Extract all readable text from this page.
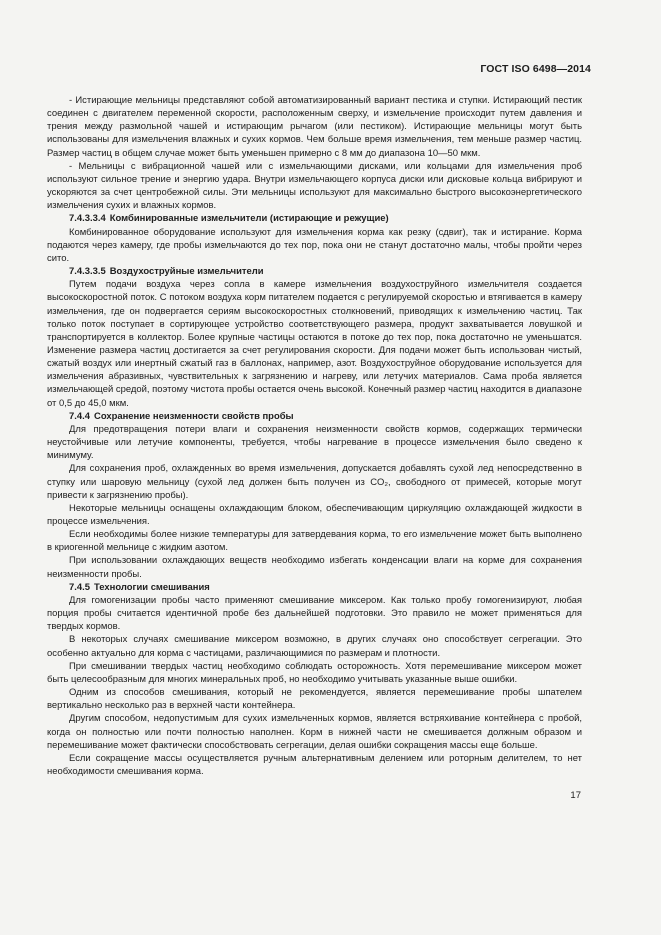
ГОСТ ISO 6498—2014

- Истирающие мельницы представляют собой автоматизированный вариант пестика и ступки. Истирающий пестик соединен с двигателем переменной скорости, расположенным сверху, и измельчение происходит путем давления и трения между размольной чашей и истирающим рычагом (или пестиком). Истирающие мельницы могут быть использованы для измельчения влажных и сухих кормов. Чем больше время измельчения, тем меньше размер частиц. Размер частиц в общем случае может быть уменьшен примерно с 8 мм до диапазона 10—50 мкм.

- Мельницы с вибрационной чашей или с измельчающими дисками, или кольцами для измельчения проб используют сильное трение и энергию удара. Внутри измельчающего корпуса диски или дисковые кольца вибрируют и ускоряются за счет центробежной силы. Эти мельницы используют для максимально быстрого высокоэнергетического измельчения сухих и влажных кормов.

7.4.3.3.4 Комбинированные измельчители (истирающие и режущие)

Комбинированное оборудование используют для измельчения корма как резку (сдвиг), так и истирание. Корма подаются через камеру, где пробы измельчаются до тех пор, пока они не станут достаточно малы, чтобы пройти через сито.

7.4.3.3.5 Воздухоструйные измельчители

Путем подачи воздуха через сопла в камере измельчения воздухоструйного измельчителя создается высокоскоростной поток. С потоком воздуха корм питателем подается с регулируемой скоростью и втягивается в камеру измельчения, где он подвергается сериям высокоскоростных столкновений, приводящих к измельчению частиц. Так только поток поступает в сортирующее устройство соответствующего размера, продукт захватывается ловушкой и транспортируется в коллектор. Более крупные частицы остаются в потоке до тех пор, пока достаточно не уменьшатся. Изменение размера частиц достигается за счет регулирования скорости. Для подачи может быть использован чистый, сжатый воздух или инертный сжатый газ в баллонах, например, азот. Воздухоструйное оборудование используется для измельчения абразивных, чувствительных к загрязнению и нагреву, или летучих материалов. Сама проба является измельчающей средой, поэтому чистота пробы остается очень высокой. Конечный размер частиц находится в диапазоне от 0,5 до 45,0 мкм.

7.4.4 Сохранение неизменности свойств пробы

Для предотвращения потери влаги и сохранения неизменности свойств кормов, содержащих термически неустойчивые или летучие компоненты, требуется, чтобы нагревание в процессе измельчения было сведено к минимуму.

Для сохранения проб, охлажденных во время измельчения, допускается добавлять сухой лед непосредственно в ступку или шаровую мельницу (сухой лед должен быть получен из CO₂, свободного от примесей, которые могут привести к загрязнению пробы).

Некоторые мельницы оснащены охлаждающим блоком, обеспечивающим циркуляцию охлаждающей жидкости в процессе измельчения.

Если необходимы более низкие температуры для затвердевания корма, то его измельчение может быть выполнено в криогенной мельнице с жидким азотом.

При использовании охлаждающих веществ необходимо избегать конденсации влаги на корме для сохранения неизменности пробы.

7.4.5 Технологии смешивания

Для гомогенизации пробы часто применяют смешивание миксером. Как только пробу гомогенизируют, любая порция пробы считается идентичной пробе без дальнейшей подготовки. Это правило не может применяться для твердых кормов.

В некоторых случаях смешивание миксером возможно, в других случаях оно способствует сегрегации. Это особенно актуально для корма с частицами, различающимися по размерам и плотности.

При смешивании твердых частиц необходимо соблюдать осторожность. Хотя перемешивание миксером может быть целесообразным для многих минеральных проб, но необходимо учитывать указанные выше ошибки.

Одним из способов смешивания, который не рекомендуется, является перемешивание пробы шпателем вертикально несколько раз в верхней части контейнера.

Другим способом, недопустимым для сухих измельченных кормов, является встряхивание контейнера с пробой, когда он полностью или почти полностью наполнен. Корм в нижней части не смешивается должным образом и перемешивание может фактически способствовать сегрегации, делая ошибки сокращения массы еще больше.

Если сокращение массы осуществляется ручным альтернативным делением или роторным делителем, то нет необходимости смешивания корма.

17
